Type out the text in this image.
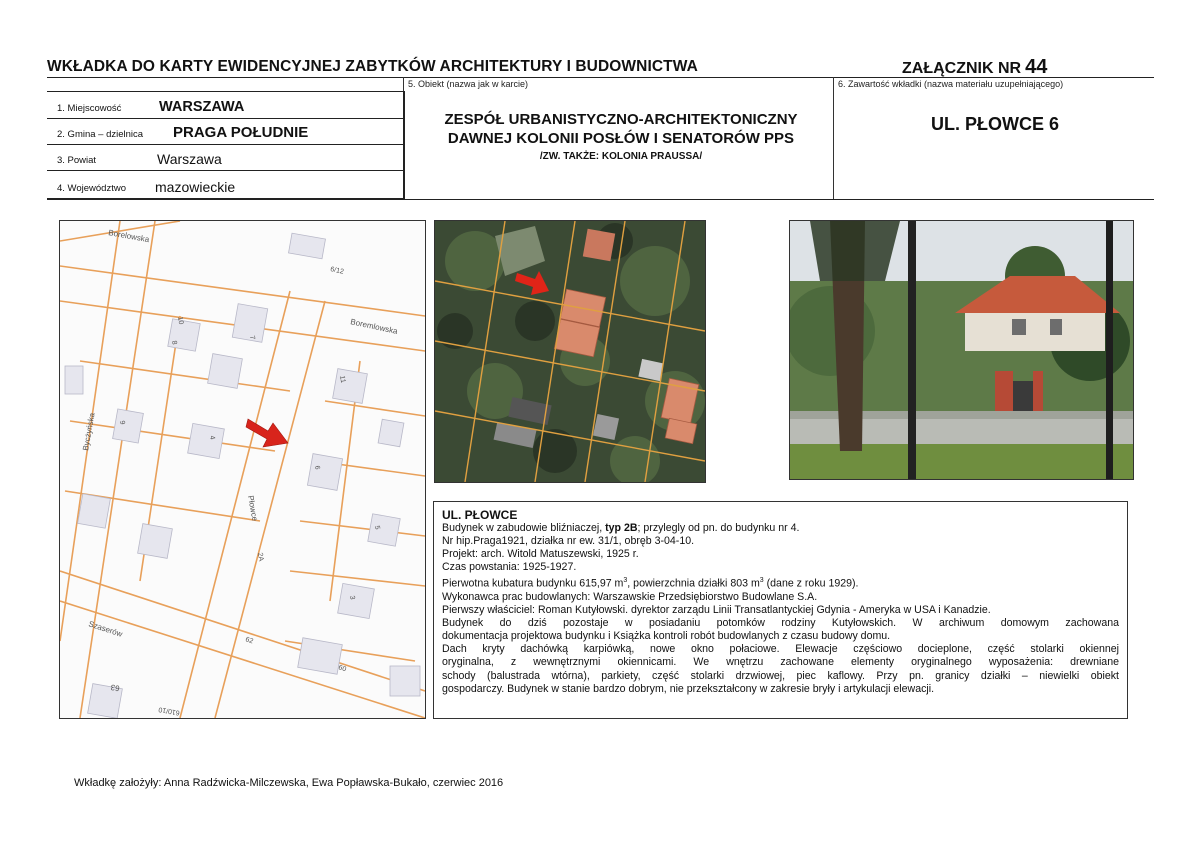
WKŁADKA DO KARTY EWIDENCYJNEJ ZABYTKÓW ARCHITEKTURY I BUDOWNICTWA	ZAŁĄCZNIK NR 44
1. Miejscowość	WARSZAWA
2. Gmina – dzielnica PRAGA POŁUDNIE
3. Powiat	Warszawa
4. Województwo mazowieckie
5. Obiekt (nazwa jak w karcie)
ZESPÓŁ URBANISTYCZNO-ARCHITEKTONICZNY
DAWNEJ KOLONII POSŁÓW I SENATORÓW PPS
/ZW. TAKŻE: KOLONIA PRAUSSA/
6. Zawartość wkładki (nazwa materiału uzupełniającego)
UL. PŁOWCE 6
Borelowska
Boremlowska
Bycżyńska
Płowce
Szaserów
6/12
10
8
7
11
9
6
4
5
2A
3
62
60
63
610/10
UL. PŁOWCE
Budynek w zabudowie bliźniaczej, typ 2B; przylegly od pn. do budynku nr 4.
Nr hip.Praga1921, działka nr ew. 31/1, obręb 3-04-10.
Projekt: arch. Witold Matuszewski, 1925 r.
Czas powstania: 1925-1927.
Pierwotna kubatura budynku 615,97 $m^3$, powierzchnia działki 803 $m^3$ (dane z roku 1929).
Wykonawca prac budowlanych: Warszawskie Przedsiębiorstwo Budowlane S.A.
Pierwszy właściciel: Roman Kutyłowski. dyrektor zarządu Linii Transatlantyckiej Gdynia - Ameryka w USA i Kanadzie.
Budynek do dziś pozostaje w posiadaniu potomków rodziny Kutyłowskich. W archiwum domowym zachowana
dokumentacja projektowa budynku i Książka kontroli robót budowlanych z czasu budowy domu.
Dach kryty dachówką karpiówką, nowe okno połaciowe. Elewacje częściowo docieplone, część stolarki okiennej
oryginalna, z wewnętrznymi okiennicami. We wnętrzu zachowane elementy oryginalnego wyposażenia: drewniane
schody (balustrada wtórna), parkiety, część stolarki drzwiowej, piec kaflowy. Przy pn. granicy działki – niewielki obiekt
gospodarczy. Budynek w stanie bardzo dobrym, nie przekształcony w zakresie bryły i artykulacji elewacji.
Wkładkę założyły: Anna Radźwicka-Milczewska, Ewa Popławska-Bukało, czerwiec 2016
